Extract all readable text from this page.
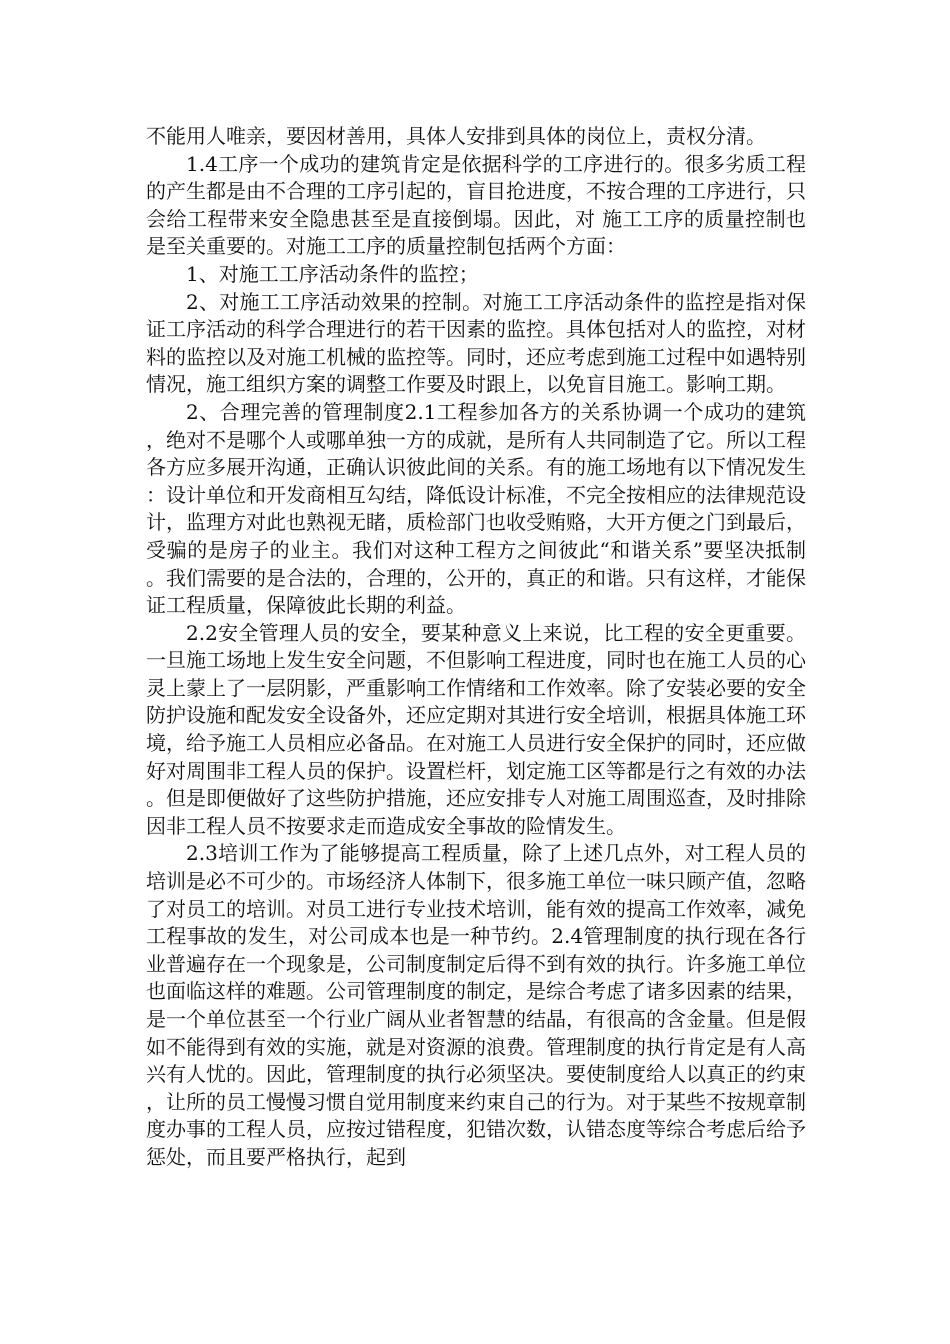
不能用人唯亲，要因材善用，具体人安排到具体的岗位上，责权分清。

1.4工序一个成功的建筑肯定是依据科学的工序进行的。很多劣质工程的产生都是由不合理的工序引起的，盲目抢进度，不按合理的工序进行，只会给工程带来安全隐患甚至是直接倒塌。因此，对 施工工序的质量控制也是至关重要的。对施工工序的质量控制包括两个方面：

1、对施工工序活动条件的监控；

2、对施工工序活动效果的控制。对施工工序活动条件的监控是指对保证工序活动的科学合理进行的若干因素的监控。具体包括对人的监控，对材料的监控以及对施工机械的监控等。同时，还应考虑到施工过程中如遇特别情况，施工组织方案的调整工作要及时跟上，以免盲目施工。影响工期。

2、合理完善的管理制度2.1工程参加各方的关系协调一个成功的建筑，绝对不是哪个人或哪单独一方的成就，是所有人共同制造了它。所以工程各方应多展开沟通，正确认识彼此间的关系。有的施工场地有以下情况发生：设计单位和开发商相互勾结，降低设计标准，不完全按相应的法律规范设计，监理方对此也熟视无睹，质检部门也收受贿赂，大开方便之门到最后，受骗的是房子的业主。我们对这种工程方之间彼此“和谐关系”要坚决抵制。我们需要的是合法的，合理的，公开的，真正的和谐。只有这样，才能保证工程质量，保障彼此长期的利益。

2.2安全管理人员的安全，要某种意义上来说，比工程的安全更重要。一旦施工场地上发生安全问题，不但影响工程进度，同时也在施工人员的心灵上蒙上了一层阴影，严重影响工作情绪和工作效率。除了安装必要的安全防护设施和配发安全设备外，还应定期对其进行安全培训，根据具体施工环境，给予施工人员相应必备品。在对施工人员进行安全保护的同时，还应做好对周围非工程人员的保护。设置栏杆，划定施工区等都是行之有效的办法。但是即便做好了这些防护措施，还应安排专人对施工周围巡查，及时排除因非工程人员不按要求走而造成安全事故的险情发生。

2.3培训工作为了能够提高工程质量，除了上述几点外，对工程人员的培训是必不可少的。市场经济人体制下，很多施工单位一味只顾产值，忽略了对员工的培训。对员工进行专业技术培训，能有效的提高工作效率，减免工程事故的发生，对公司成本也是一种节约。2.4管理制度的执行现在各行业普遍存在一个现象是，公司制度制定后得不到有效的执行。许多施工单位也面临这样的难题。公司管理制度的制定，是综合考虑了诸多因素的结果，是一个单位甚至一个行业广阔从业者智慧的结晶，有很高的含金量。但是假如不能得到有效的实施，就是对资源的浪费。管理制度的执行肯定是有人高兴有人忧的。因此，管理制度的执行必须坚决。要使制度给人以真正的约束，让所的员工慢慢习惯自觉用制度来约束自己的行为。对于某些不按规章制度办事的工程人员，应按过错程度，犯错次数，认错态度等综合考虑后给予惩处，而且要严格执行，起到
